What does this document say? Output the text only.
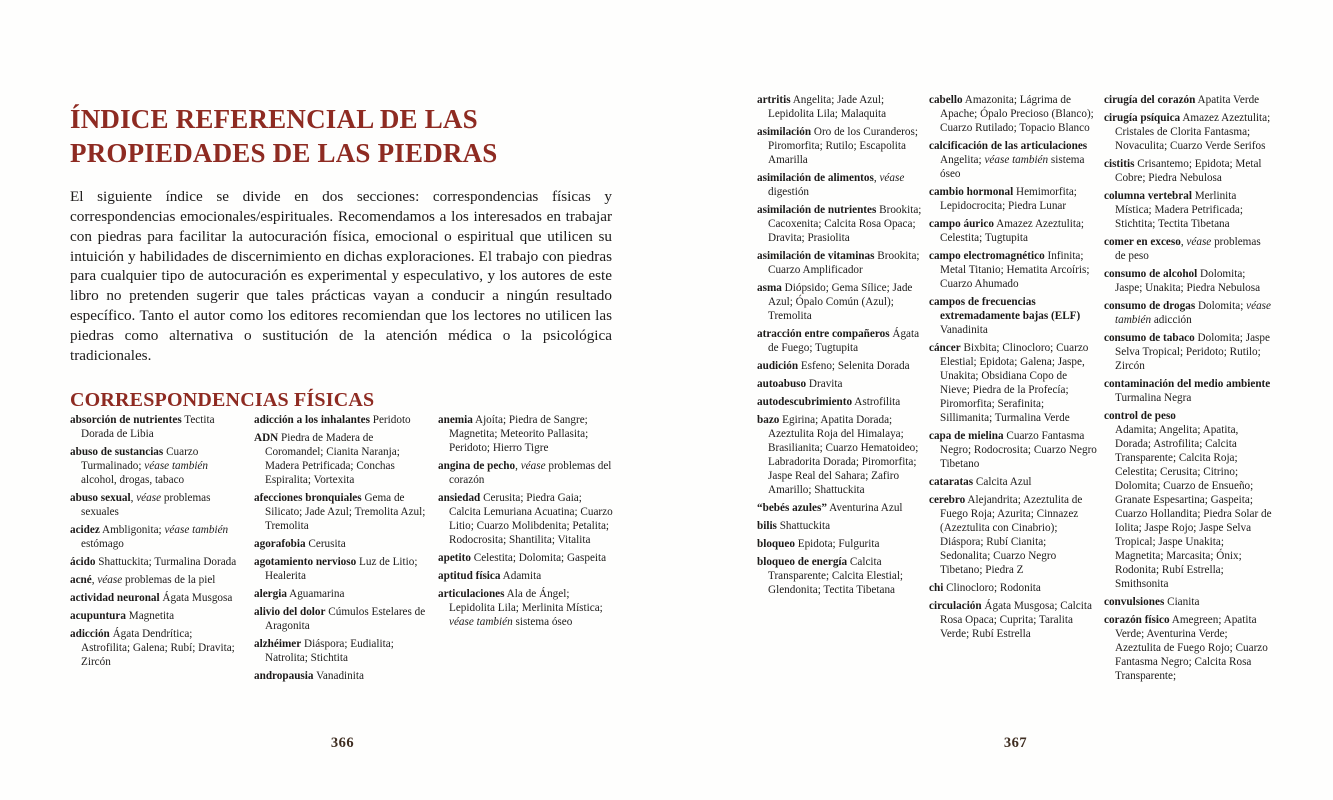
ÍNDICE REFERENCIAL DE LAS PROPIEDADES DE LAS PIEDRAS

El siguiente índice se divide en dos secciones: correspondencias físicas y correspondencias emocionales/espirituales. Recomendamos a los interesados en trabajar con piedras para facilitar la autocuración física, emocional o espiritual que utilicen su intuición y habilidades de discernimiento en dichas exploraciones. El trabajo con piedras para cualquier tipo de autocuración es experimental y especulativo, y los autores de este libro no pretenden sugerir que tales prácticas vayan a conducir a ningún resultado específico. Tanto el autor como los editores recomiendan que los lectores no utilicen las piedras como alternativa o sustitución de la atención médica o la psicológica tradicionales.

CORRESPONDENCIAS FÍSICAS
absorción de nutrientes Tectita Dorada de Libia
abuso de sustancias Cuarzo Turmalinado; véase también alcohol, drogas, tabaco
abuso sexual, véase problemas sexuales
acidez Ambligonita; véase también estómago
ácido Shattuckita; Turmalina Dorada
acné, véase problemas de la piel
actividad neuronal Ágata Musgosa
acupuntura Magnetita
adicción Ágata Dendrítica; Astrofilita; Galena; Rubí; Dravita; Zircón
adicción a los inhalantes Peridoto
ADN Piedra de Madera de Coromandel; Cianita Naranja; Madera Petrificada; Conchas Espiralita; Vortexita
afecciones bronquiales Gema de Silicato; Jade Azul; Tremolita Azul; Tremolita
agorafobia Cerusita
agotamiento nervioso Luz de Litio; Healerita
alergia Aguamarina
alivio del dolor Cúmulos Estelares de Aragonita
alzhéimer Diáspora; Eudialita; Natrolita; Stichtita
andropausia Vanadinita
anemia Ajoíta; Piedra de Sangre; Magnetita; Meteorito Pallasita; Peridoto; Hierro Tigre
angina de pecho, véase problemas del corazón
ansiedad Cerusita; Piedra Gaia; Calcita Lemuriana Acuatina; Cuarzo Litio; Cuarzo Molibdenita; Petalita; Rodocrosita; Shantilita; Vitalita
apetito Celestita; Dolomita; Gaspeita
aptitud física Adamita
articulaciones Ala de Ángel; Lepidolita Lila; Merlinita Mística; véase también sistema óseo
366
artritis Angelita; Jade Azul; Lepidolita Lila; Malaquita
asimilación Oro de los Curanderos; Piromorfita; Rutilo; Escapolita Amarilla
asimilación de alimentos, véase digestión
asimilación de nutrientes Brookita; Cacoxenita; Calcita Rosa Opaca; Dravita; Prasiolita
asimilación de vitaminas Brookita; Cuarzo Amplificador
asma Diópsido; Gema Sílice; Jade Azul; Ópalo Común (Azul); Tremolita
atracción entre compañeros Ágata de Fuego; Tugtupita
audición Esfeno; Selenita Dorada
autoabuso Dravita
autodescubrimiento Astrofilita
bazo Egirina; Apatita Dorada; Azeztulita Roja del Himalaya; Brasilianita; Cuarzo Hematoideo; Labradorita Dorada; Piromorfita; Jaspe Real del Sahara; Zafiro Amarillo; Shattuckita
“bebés azules” Aventurina Azul
bilis Shattuckita
bloqueo Epidota; Fulgurita
bloqueo de energía Calcita Transparente; Calcita Elestial; Glendonita; Tectita Tibetana
cabello Amazonita; Lágrima de Apache; Ópalo Precioso (Blanco); Cuarzo Rutilado; Topacio Blanco
calcificación de las articulaciones Angelita; véase también sistema óseo
cambio hormonal Hemimorfita; Lepidocrocita; Piedra Lunar
campo áurico Amazez Azeztulita; Celestita; Tugtupita
campo electromagnético Infinita; Metal Titanio; Hematita Arcoíris; Cuarzo Ahumado
campos de frecuencias extremadamente bajas (ELF) Vanadinita
cáncer Bixbita; Clinocloro; Cuarzo Elestial; Epidota; Galena; Jaspe, Unakita; Obsidiana Copo de Nieve; Piedra de la Profecía; Piromorfita; Serafinita; Sillimanita; Turmalina Verde
capa de mielina Cuarzo Fantasma Negro; Rodocrosita; Cuarzo Negro Tibetano
cataratas Calcita Azul
cerebro Alejandrita; Azeztulita de Fuego Roja; Azurita; Cinnazez (Azeztulita con Cinabrio); Diáspora; Rubí Cianita; Sedonalita; Cuarzo Negro Tibetano; Piedra Z
chi Clinocloro; Rodonita
circulación Ágata Musgosa; Calcita Rosa Opaca; Cuprita; Taralita Verde; Rubí Estrella
cirugía del corazón Apatita Verde
cirugía psíquica Amazez Azeztulita; Cristales de Clorita Fantasma; Novaculita; Cuarzo Verde Serifos
cistitis Crisantemo; Epidota; Metal Cobre; Piedra Nebulosa
columna vertebral Merlinita Mística; Madera Petrificada; Stichtita; Tectita Tibetana
comer en exceso, véase problemas de peso
consumo de alcohol Dolomita; Jaspe; Unakita; Piedra Nebulosa
consumo de drogas Dolomita; véase también adicción
consumo de tabaco Dolomita; Jaspe Selva Tropical; Peridoto; Rutilo; Zircón
contaminación del medio ambiente Turmalina Negra
control de peso
Adamita; Angelita; Apatita, Dorada; Astrofilita; Calcita Transparente; Calcita Roja; Celestita; Cerusita; Citrino; Dolomita; Cuarzo de Ensueño; Granate Espesartina; Gaspeita; Cuarzo Hollandita; Piedra Solar de Iolita; Jaspe Rojo; Jaspe Selva Tropical; Jaspe Unakita; Magnetita; Marcasita; Ónix; Rodonita; Rubí Estrella; Smithsonita
convulsiones Cianita
corazón físico Amegreen; Apatita Verde; Aventurina Verde; Azeztulita de Fuego Rojo; Cuarzo Fantasma Negro; Calcita Rosa Transparente;
367
